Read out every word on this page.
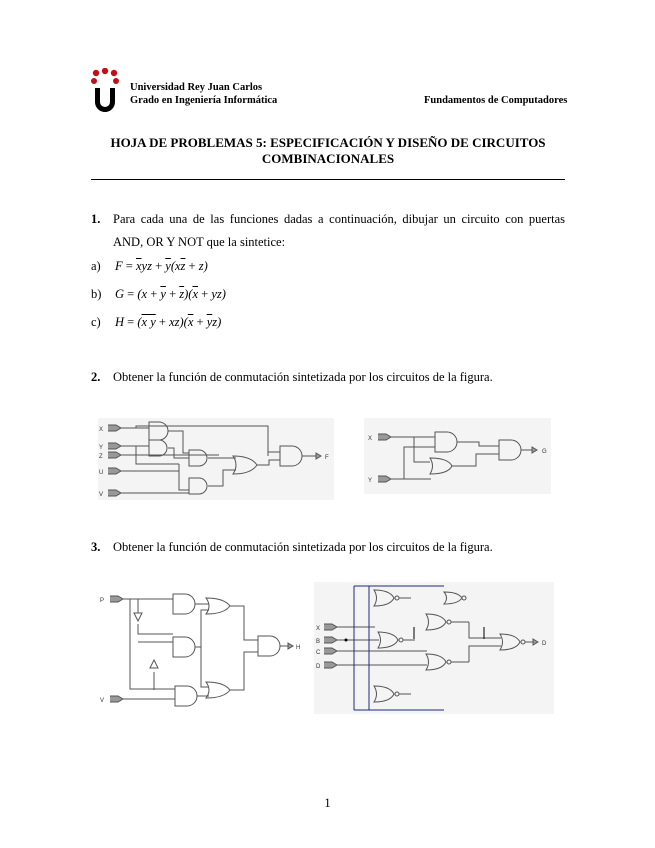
Universidad Rey Juan Carlos
Grado en Ingeniería Informática	Fundamentos de Computadores
HOJA DE PROBLEMAS 5: ESPECIFICACIÓN Y DISEÑO DE CIRCUITOS
COMBINACIONALES
1. Para cada una de las funciones dadas a continuación, dibujar un circuito con puertas
AND, OR Y NOT que la sintetice:
a) $F = \overline{x}yz + \overline{y}(x\overline{z} + z)$
b) $G = (x + \overline{y} + \overline{z})(\overline{x} + yz)$
c) H = (x $y + xz)(\overline{x} + \overline{y}z)$
2. Obtener la función de conmutación sintetizada por los circuitos de la figura.
X
Y
Z
U
V
F
X
Y
G
3. Obtener la función de conmutación sintetizada por los circuitos de la figura.
P
V
H
X
B
C
D
D
1
